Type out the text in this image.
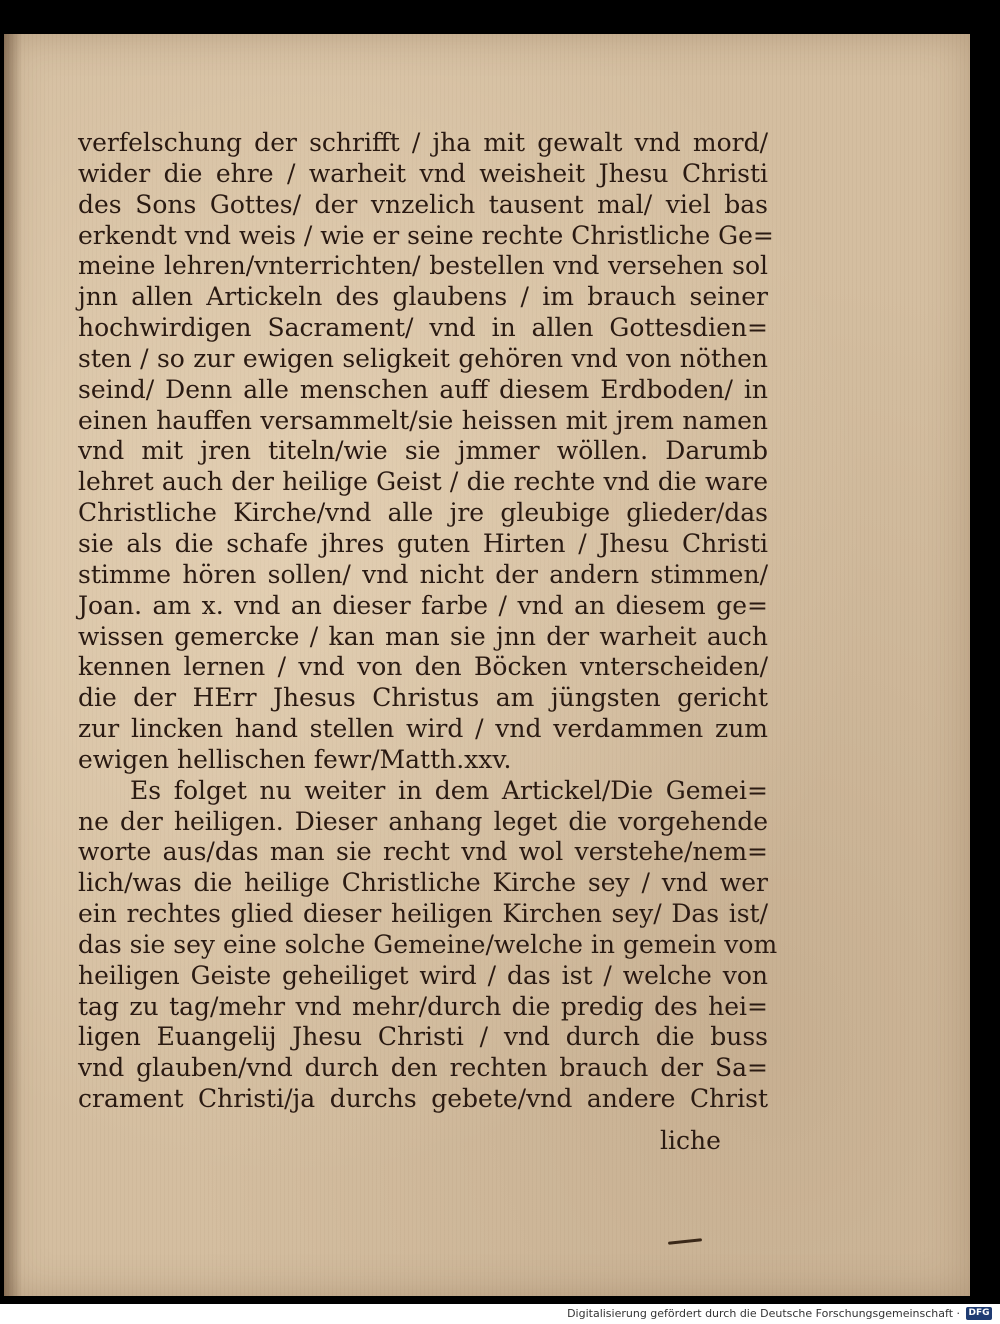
verfelschung der schrifft / jha mit gewalt vnd mord/
wider die ehre / warheit vnd weisheit Jhesu Christi
des Sons Gottes/ der vnzelich tausent mal/ viel bas
erkendt vnd weis / wie er seine rechte Christliche Ge=
meine lehren/vnterrichten/ bestellen vnd versehen sol
jnn allen Artickeln des glaubens / im brauch seiner
hochwirdigen Sacrament/ vnd in allen Gottesdien=
sten / so zur ewigen seligkeit gehören vnd von nöthen
seind/ Denn alle menschen auff diesem Erdboden/ in
einen hauffen versammelt/sie heissen mit jrem namen
vnd mit jren titeln/wie sie jmmer wöllen. Darumb
lehret auch der heilige Geist / die rechte vnd die ware
Christliche Kirche/vnd alle jre gleubige glieder/das
sie als die schafe jhres guten Hirten / Jhesu Christi
stimme hören sollen/ vnd nicht der andern stimmen/
Joan. am x. vnd an dieser farbe / vnd an diesem ge=
wissen gemercke / kan man sie jnn der warheit auch
kennen lernen / vnd von den Böcken vnterscheiden/
die der HErr Jhesus Christus am jüngsten gericht
zur lincken hand stellen wird / vnd verdammen zum
ewigen hellischen fewr/Matth.xxv.
Es folget nu weiter in dem Artickel/Die Gemei=
ne der heiligen. Dieser anhang leget die vorgehende
worte aus/das man sie recht vnd wol verstehe/nem=
lich/was die heilige Christliche Kirche sey / vnd wer
ein rechtes glied dieser heiligen Kirchen sey/ Das ist/
das sie sey eine solche Gemeine/welche in gemein vom
heiligen Geiste geheiliget wird / das ist / welche von
tag zu tag/mehr vnd mehr/durch die predig des hei=
ligen Euangelij Jhesu Christi / vnd durch die buss
vnd glauben/vnd durch den rechten brauch der Sa=
crament Christi/ja durchs gebete/vnd andere Christ
liche
Digitalisierung gefördert durch die Deutsche Forschungsgemeinschaft · DFG
